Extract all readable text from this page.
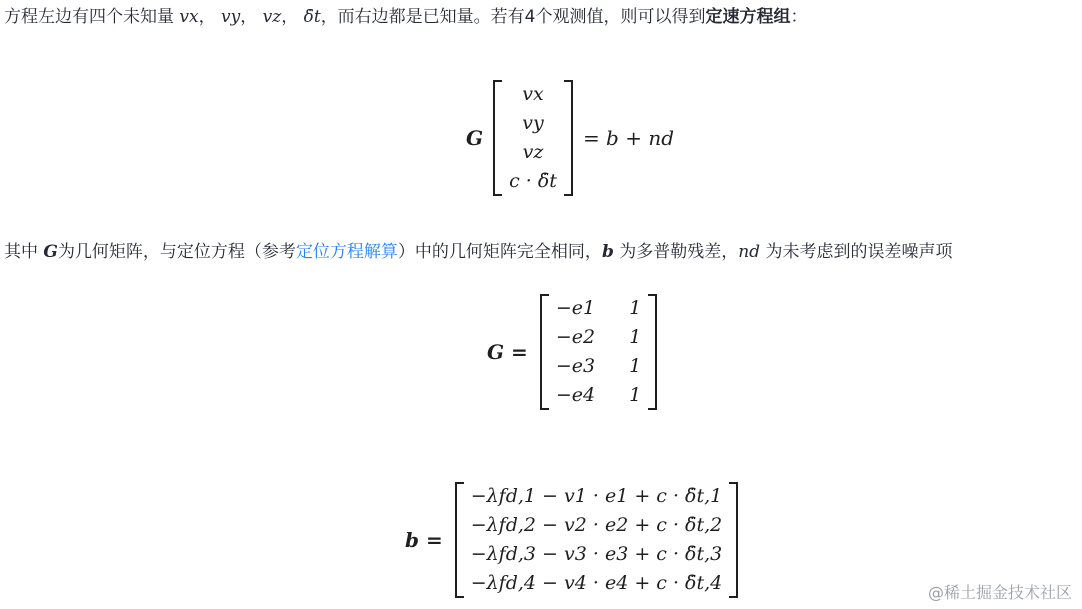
方程左边有四个未知量 vx， vy， vz， δ̇t，而右边都是已知量。若有4个观测值，则可以得到定速方程组：
G
vx
vy
vz
c · δ̇t
= b + nd
其中 G为几何矩阵，与定位方程（参考定位方程解算）中的几何矩阵完全相同，b 为多普勒残差，nd 为未考虑到的误差噪声项
G =
−e1 1
−e2 1
−e3 1
−e4 1
b =
−λfd,1 − v1 · e1 + c · δ̇t,1
−λfd,2 − v2 · e2 + c · δ̇t,2
−λfd,3 − v3 · e3 + c · δ̇t,3
−λfd,4 − v4 · e4 + c · δ̇t,4	@稀土掘金技术社区
